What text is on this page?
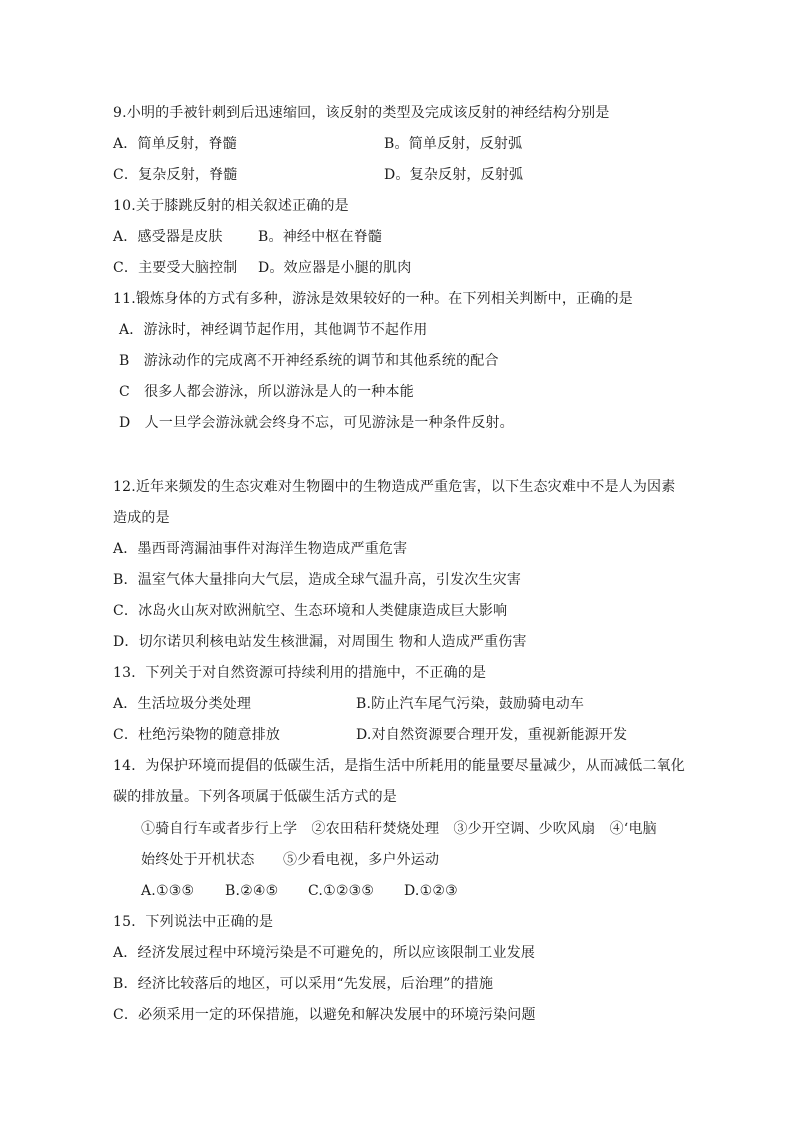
9.小明的手被针刺到后迅速缩回，该反射的类型及完成该反射的神经结构分别是
A．简单反射，脊髓	B。简单反射，反射弧
C．复杂反射，脊髓	D。复杂反射，反射弧
10.关于膝跳反射的相关叙述正确的是
A．感受器是皮肤	B。神经中枢在脊髓
C．主要受大脑控制 D。效应器是小腿的肌肉
11.锻炼身体的方式有多种，游泳是效果较好的一种。在下列相关判断中，正确的是
A．游泳时，神经调节起作用，其他调节不起作用
B　游泳动作的完成离不开神经系统的调节和其他系统的配合
C　很多人都会游泳，所以游泳是人的一种本能
D　人一旦学会游泳就会终身不忘，可见游泳是一种条件反射。
12.近年来频发的生态灾难对生物圈中的生物造成严重危害，以下生态灾难中不是人为因素
造成的是
A．墨西哥湾漏油事件对海洋生物造成严重危害
B．温室气体大量排向大气层，造成全球气温升高，引发次生灾害
C．冰岛火山灰对欧洲航空、生态环境和人类健康造成巨大影响
D．切尔诺贝利核电站发生核泄漏，对周围生 物和人造成严重伤害
13．下列关于对自然资源可持续利用的措施中，不正确的是
A．生活垃圾分类处理	B.防止汽车尾气污染，鼓励骑电动车
C．杜绝污染物的随意排放	D.对自然资源要合理开发，重视新能源开发
14．为保护环境而提倡的低碳生活，是指生活中所耗用的能量要尽量减少，从而减低二氧化
碳的排放量。下列各项属于低碳生活方式的是
①骑自行车或者步行上学　②农田秸秆焚烧处理　③少开空调、少吹风扇　④‘电脑
始终处于开机状态　　⑤少看电视，多户外运动
A.①③⑤ B.②④⑤ C.①②③⑤ D.①②③
15．下列说法中正确的是
A．经济发展过程中环境污染是不可避免的，所以应该限制工业发展
B．经济比较落后的地区，可以采用“先发展，后治理”的措施
C．必须采用一定的环保措施，以避免和解决发展中的环境污染问题
